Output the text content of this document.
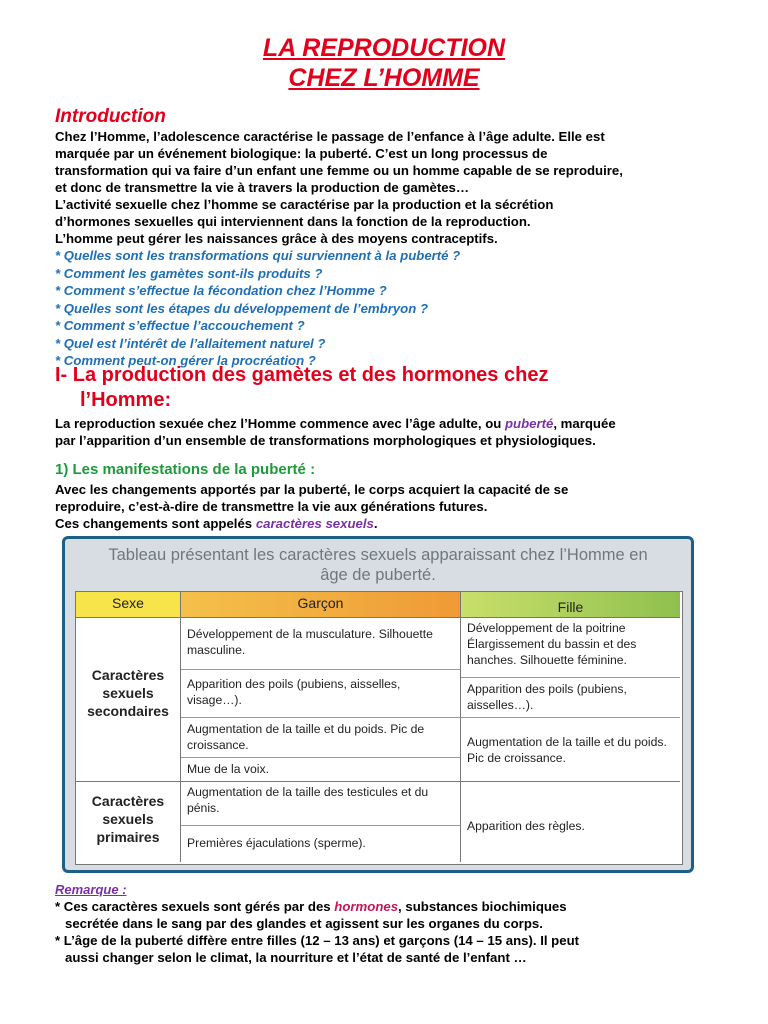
LA REPRODUCTION
CHEZ L’HOMME
Introduction

Chez l’Homme, l’adolescence caractérise le passage de l’enfance à l’âge adulte. Elle est

marquée par un événement biologique: la puberté. C’est un long processus de

transformation qui va faire d’un enfant une femme ou un homme capable de se reproduire,

et donc de transmettre la vie à travers la production de gamètes…

L’activité sexuelle chez l’homme se caractérise par la production et la sécrétion

d’hormones sexuelles qui interviennent dans la fonction de la reproduction.

L’homme peut gérer les naissances grâce à des moyens contraceptifs.

* Quelles sont les transformations qui surviennent à la puberté ?
* Comment les gamètes sont-ils produits ?
* Comment s’effectue la fécondation chez l’Homme ?
* Quelles sont les étapes du développement de l’embryon ?
* Comment s’effectue l’accouchement ?
* Quel est l’intérêt de l’allaitement naturel ?
* Comment peut-on gérer la procréation ?
I- La production des gamètes et des hormones chez
l’Homme:

La reproduction sexuée chez l’Homme commence avec l’âge adulte, ou puberté, marquée

par l’apparition d’un ensemble de transformations morphologiques et physiologiques.

1) Les manifestations de la puberté :

Avec les changements apportés par la puberté, le corps acquiert la capacité de se

reproduire, c’est-à-dire de transmettre la vie aux générations futures.

Ces changements sont appelés caractères sexuels.

Tableau présentant les caractères sexuels apparaissant chez l’Homme en
âge de puberté.
Sexe	Garçon	Fille
Caractères sexuels secondaires
Caractères sexuels primaires
Développement de la musculature. Silhouette masculine.
Apparition des poils (pubiens, aisselles, visage…).
Augmentation de la taille et du poids. Pic de croissance.
Mue de la voix.
Augmentation de la taille des testicules et du pénis.
Premières éjaculations (sperme).
Développement de la poitrine Élargissement du bassin et des hanches. Silhouette féminine.
Apparition des poils (pubiens, aisselles…).
Augmentation de la taille et du poids. Pic de croissance.
Apparition des règles.
Remarque :

* Ces caractères sexuels sont gérés par des hormones, substances biochimiques

secrétée dans le sang par des glandes et agissent sur les organes du corps.

* L’âge de la puberté diffère entre filles (12 – 13 ans) et garçons (14 – 15 ans). Il peut

aussi changer selon le climat, la nourriture et l’état de santé de l’enfant …
